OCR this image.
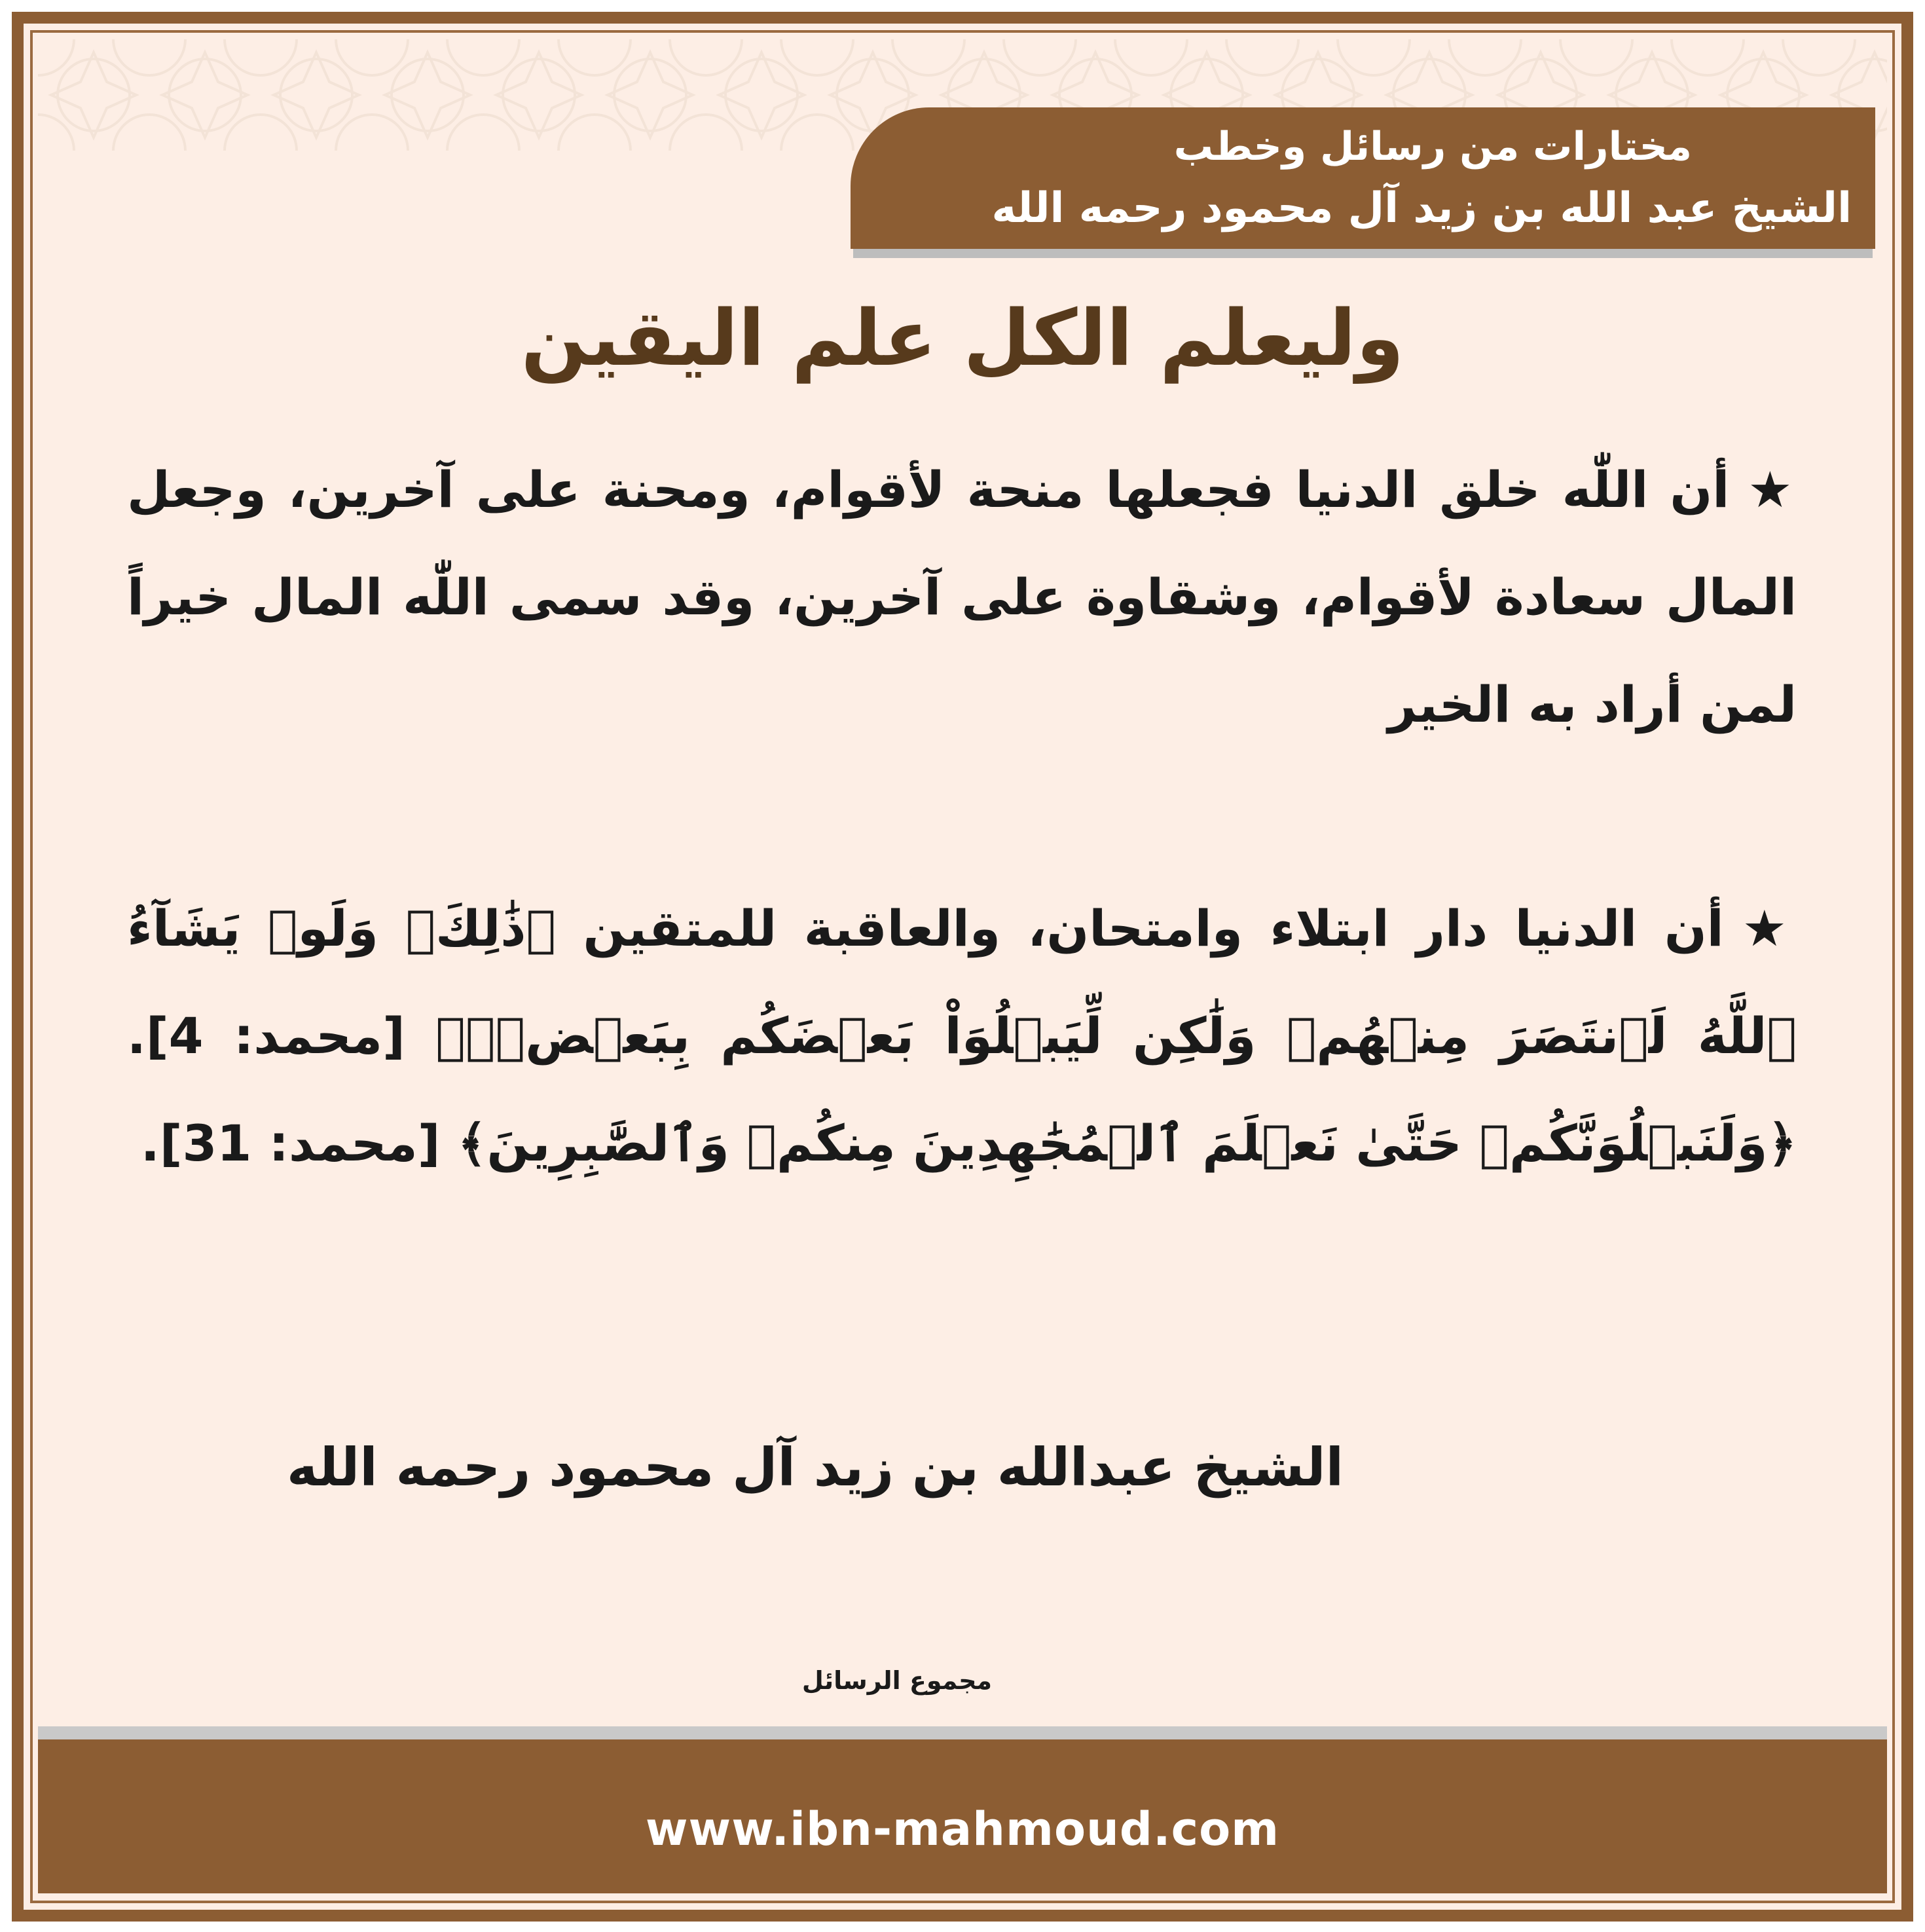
مختارات من رسائل وخطب
الشيخ عبد الله بن زيد آل محمود رحمه الله
وليعلم الكل علم اليقين
★أن اللّٰه خلق الدنيا فجعلها منحة لأقوام، ومحنة على آخرين، وجعل المال سعادة لأقوام، وشقاوة على آخرين، وقد سمى اللّٰه المال خيراً لمن أراد به الخير
★أن الدنيا دار ابتلاء وامتحان، والعاقبة للمتقين ﴿ذَٰلِكَۖ وَلَوۡ يَشَآءُ ٱللَّهُ لَٱنتَصَرَ مِنۡهُمۡ وَلَٰكِن لِّيَبۡلُوَاْ بَعۡضَكُم بِبَعۡضٖۗ﴾ [محمد: 4]. ﴿وَلَنَبۡلُوَنَّكُمۡ حَتَّىٰ نَعۡلَمَ ٱلۡمُجَٰهِدِينَ مِنكُمۡ وَٱلصَّٰبِرِينَ﴾ [محمد: 31].
الشيخ عبدالله بن زيد آل محمود رحمه الله
مجموع الرسائل
www.ibn-mahmoud.com
